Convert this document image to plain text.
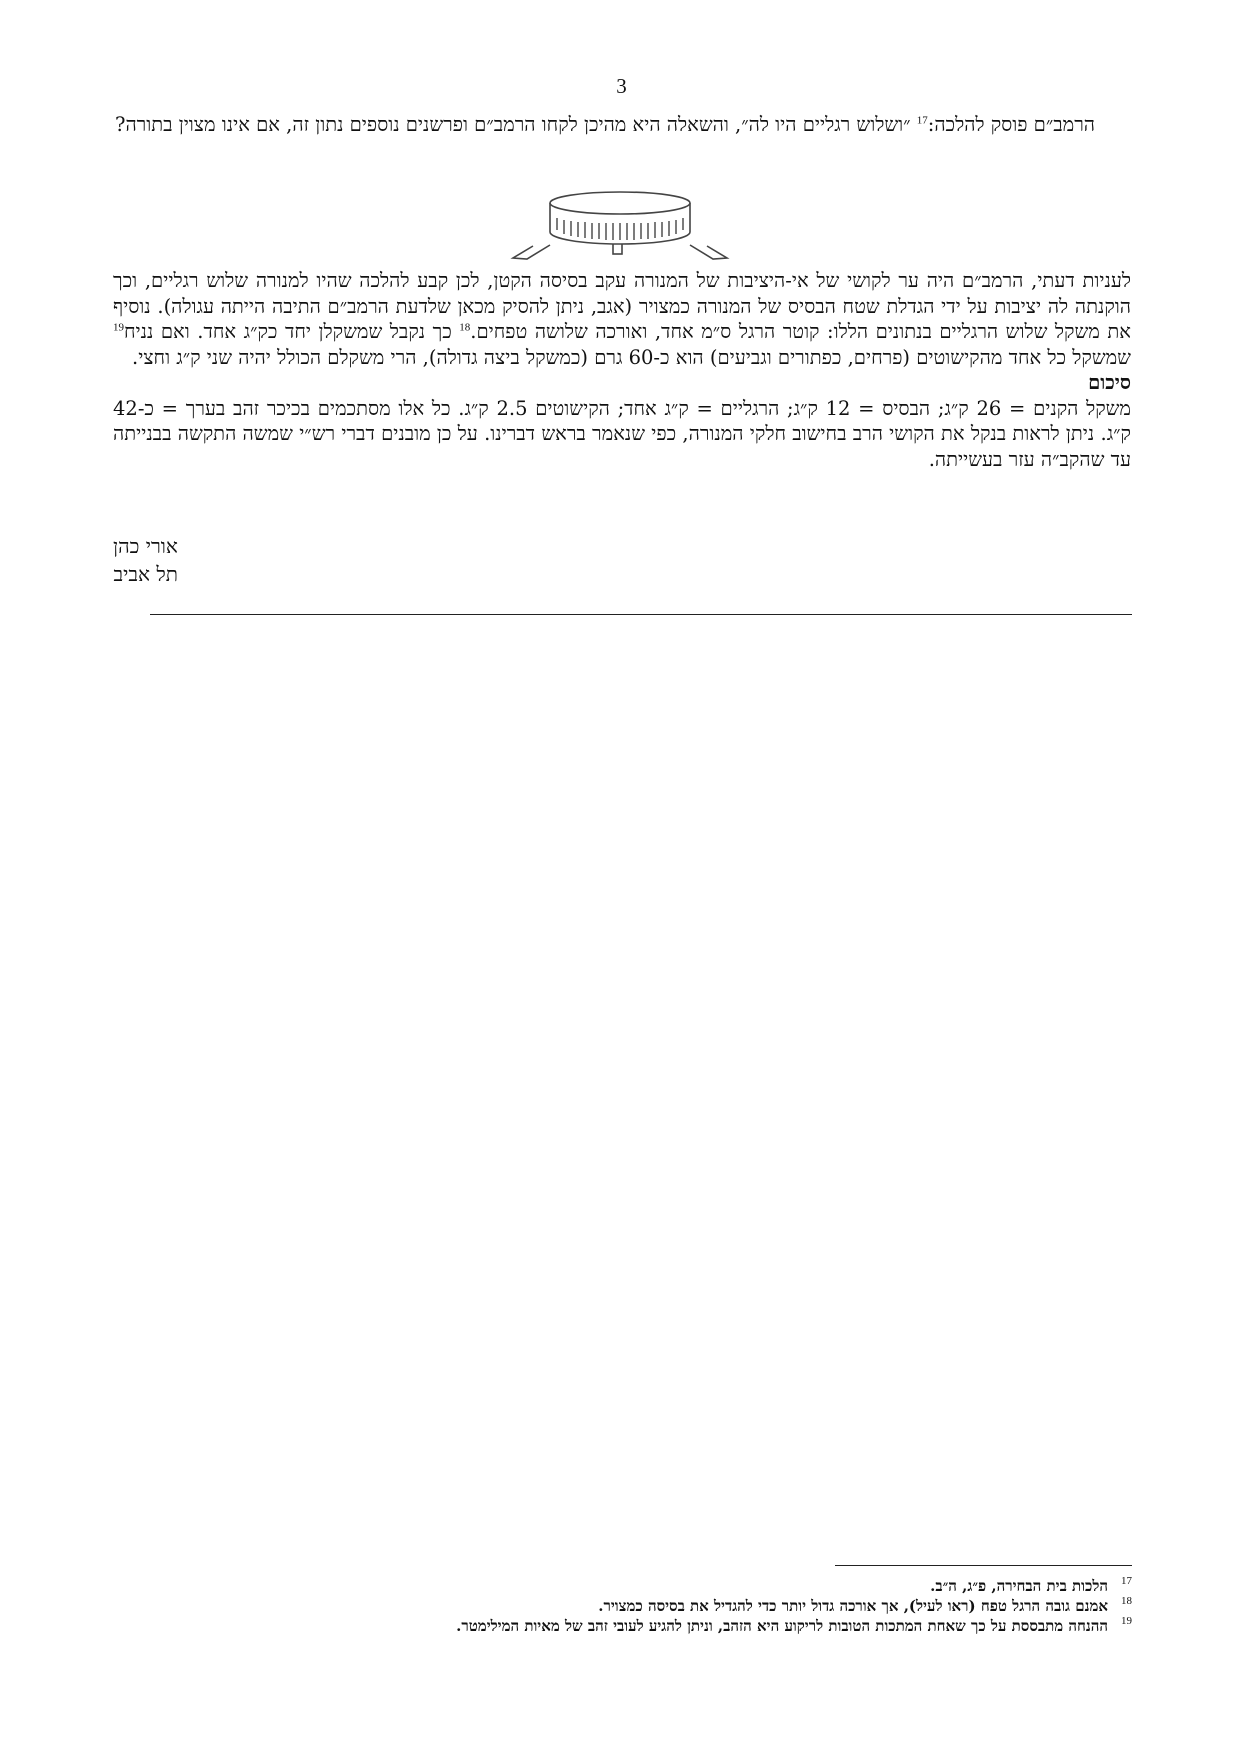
3

הרמב״ם פוסק להלכה:$^{17}$ ״ושלוש רגליים היו לה״, והשאלה היא מהיכן לקחו הרמב״ם ופרשנים נוספים נתון זה, אם אינו מצוין בתורה?

לעניות דעתי, הרמב״ם היה ער לקושי של אי-היציבות של המנורה עקב בסיסה הקטן, לכן קבע להלכה שהיו למנורה שלוש רגליים, וכך הוקנתה לה יציבות על ידי הגדלת שטח הבסיס של המנורה כמצויר (אגב, ניתן להסיק מכאן שלדעת הרמב״ם התיבה הייתה עגולה). נוסיף את משקל שלוש הרגליים בנתונים הללו: קוטר הרגל ס״מ אחד, ואורכה שלושה טפחים.$^{18}$ כך נקבל שמשקלן יחד כק״ג אחד. ואם נניח$^{19}$ שמשקל כל אחד מהקישוטים (פרחים, כפתורים וגביעים) הוא כ-60 גרם (כמשקל ביצה גדולה), הרי משקלם הכולל יהיה שני ק״ג וחצי.

סיכום

משקל הקנים = 26 ק״ג; הבסיס = 12 ק״ג; הרגליים = ק״ג אחד; הקישוטים 2.5 ק״ג. כל אלו מסתכמים בכיכר זהב בערך = כ-42 ק״ג. ניתן לראות בנקל את הקושי הרב בחישוב חלקי המנורה, כפי שנאמר בראש דברינו. על כן מובנים דברי רש״י שמשה התקשה בבנייתה עד שהקב״ה עזר בעשייתה.

אורי כהן
תל אביב
17
הלכות בית הבחירה, פ״ג, ה״ב.
18
אמנם גובה הרגל טפח (ראו לעיל), אך אורכה גדול יותר כדי להגדיל את בסיסה כמצויר.
19
ההנחה מתבססת על כך שאחת המתכות הטובות לריקוע היא הזהב, וניתן להגיע לעובי זהב של מאיות המילימטר.
